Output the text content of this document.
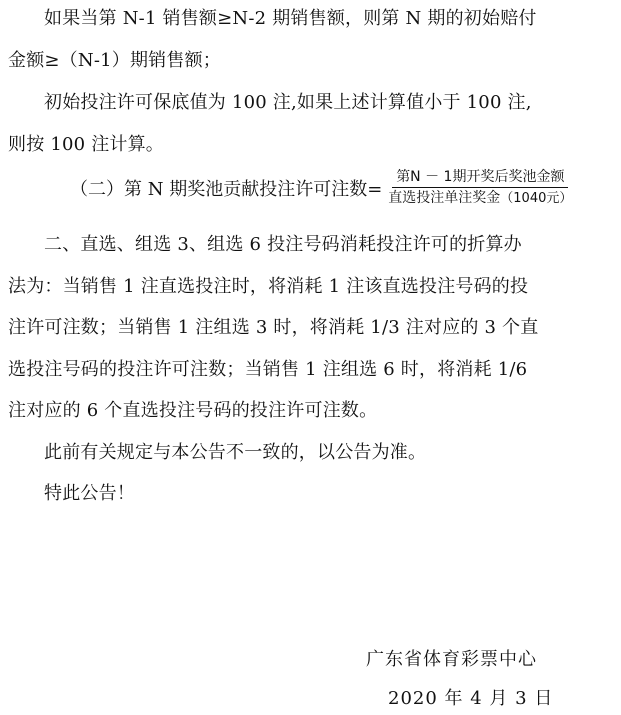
如果当第 N-1 销售额≥N-2 期销售额，则第 N 期的初始赔付
金额≥（N-1）期销售额；
初始投注许可保底值为 100 注,如果上述计算值小于 100 注,
则按 100 注计算。
（二）第 N 期奖池贡献投注许可注数= $\frac{\text{第N － 1期开奖后奖池金额}}{\text{直选投注单注奖金（1040元）}}$
二、直选、组选 3、组选 6 投注号码消耗投注许可的折算办
法为：当销售 1 注直选投注时，将消耗 1 注该直选投注号码的投
注许可注数；当销售 1 注组选 3 时，将消耗 1/3 注对应的 3 个直
选投注号码的投注许可注数；当销售 1 注组选 6 时，将消耗 1/6
注对应的 6 个直选投注号码的投注许可注数。
此前有关规定与本公告不一致的，以公告为准。
特此公告！
广东省体育彩票中心
2020 年 4 月 3 日
